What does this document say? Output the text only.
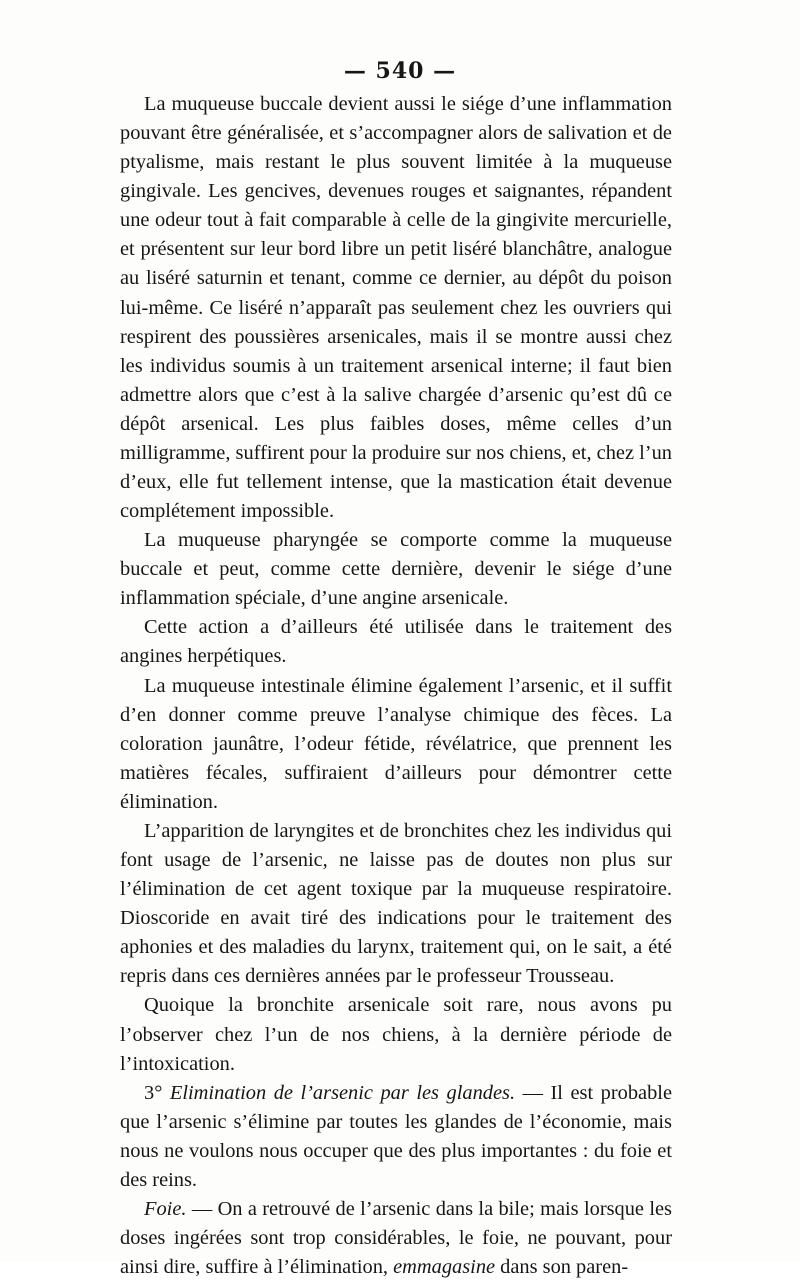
— 540 —

La muqueuse buccale devient aussi le siége d’une inflammation pouvant être généralisée, et s’accompagner alors de salivation et de ptyalisme, mais restant le plus souvent limitée à la muqueuse gingivale. Les gencives, devenues rouges et saignantes, répandent une odeur tout à fait comparable à celle de la gingivite mercurielle, et présentent sur leur bord libre un petit liséré blanchâtre, analogue au liséré saturnin et tenant, comme ce dernier, au dépôt du poison lui-même. Ce liséré n’apparaît pas seulement chez les ouvriers qui respirent des poussières arsenicales, mais il se montre aussi chez les individus soumis à un traitement arsenical interne; il faut bien admettre alors que c’est à la salive chargée d’arsenic qu’est dû ce dépôt arsenical. Les plus faibles doses, même celles d’un milligramme, suffirent pour la produire sur nos chiens, et, chez l’un d’eux, elle fut tellement intense, que la mastication était devenue complétement impossible.

La muqueuse pharyngée se comporte comme la muqueuse buccale et peut, comme cette dernière, devenir le siége d’une inflammation spéciale, d’une angine arsenicale.

Cette action a d’ailleurs été utilisée dans le traitement des angines herpétiques.

La muqueuse intestinale élimine également l’arsenic, et il suffit d’en donner comme preuve l’analyse chimique des fèces. La coloration jaunâtre, l’odeur fétide, révélatrice, que prennent les matières fécales, suffiraient d’ailleurs pour démontrer cette élimination.

L’apparition de laryngites et de bronchites chez les individus qui font usage de l’arsenic, ne laisse pas de doutes non plus sur l’élimination de cet agent toxique par la muqueuse respiratoire. Dioscoride en avait tiré des indications pour le traitement des aphonies et des maladies du larynx, traitement qui, on le sait, a été repris dans ces dernières années par le professeur Trousseau.

Quoique la bronchite arsenicale soit rare, nous avons pu l’observer chez l’un de nos chiens, à la dernière période de l’intoxication.

3° Elimination de l’arsenic par les glandes. — Il est probable que l’arsenic s’élimine par toutes les glandes de l’économie, mais nous ne voulons nous occuper que des plus importantes : du foie et des reins.

Foie. — On a retrouvé de l’arsenic dans la bile; mais lorsque les doses ingérées sont trop considérables, le foie, ne pouvant, pour ainsi dire, suffire à l’élimination, emmagasine dans son paren-
